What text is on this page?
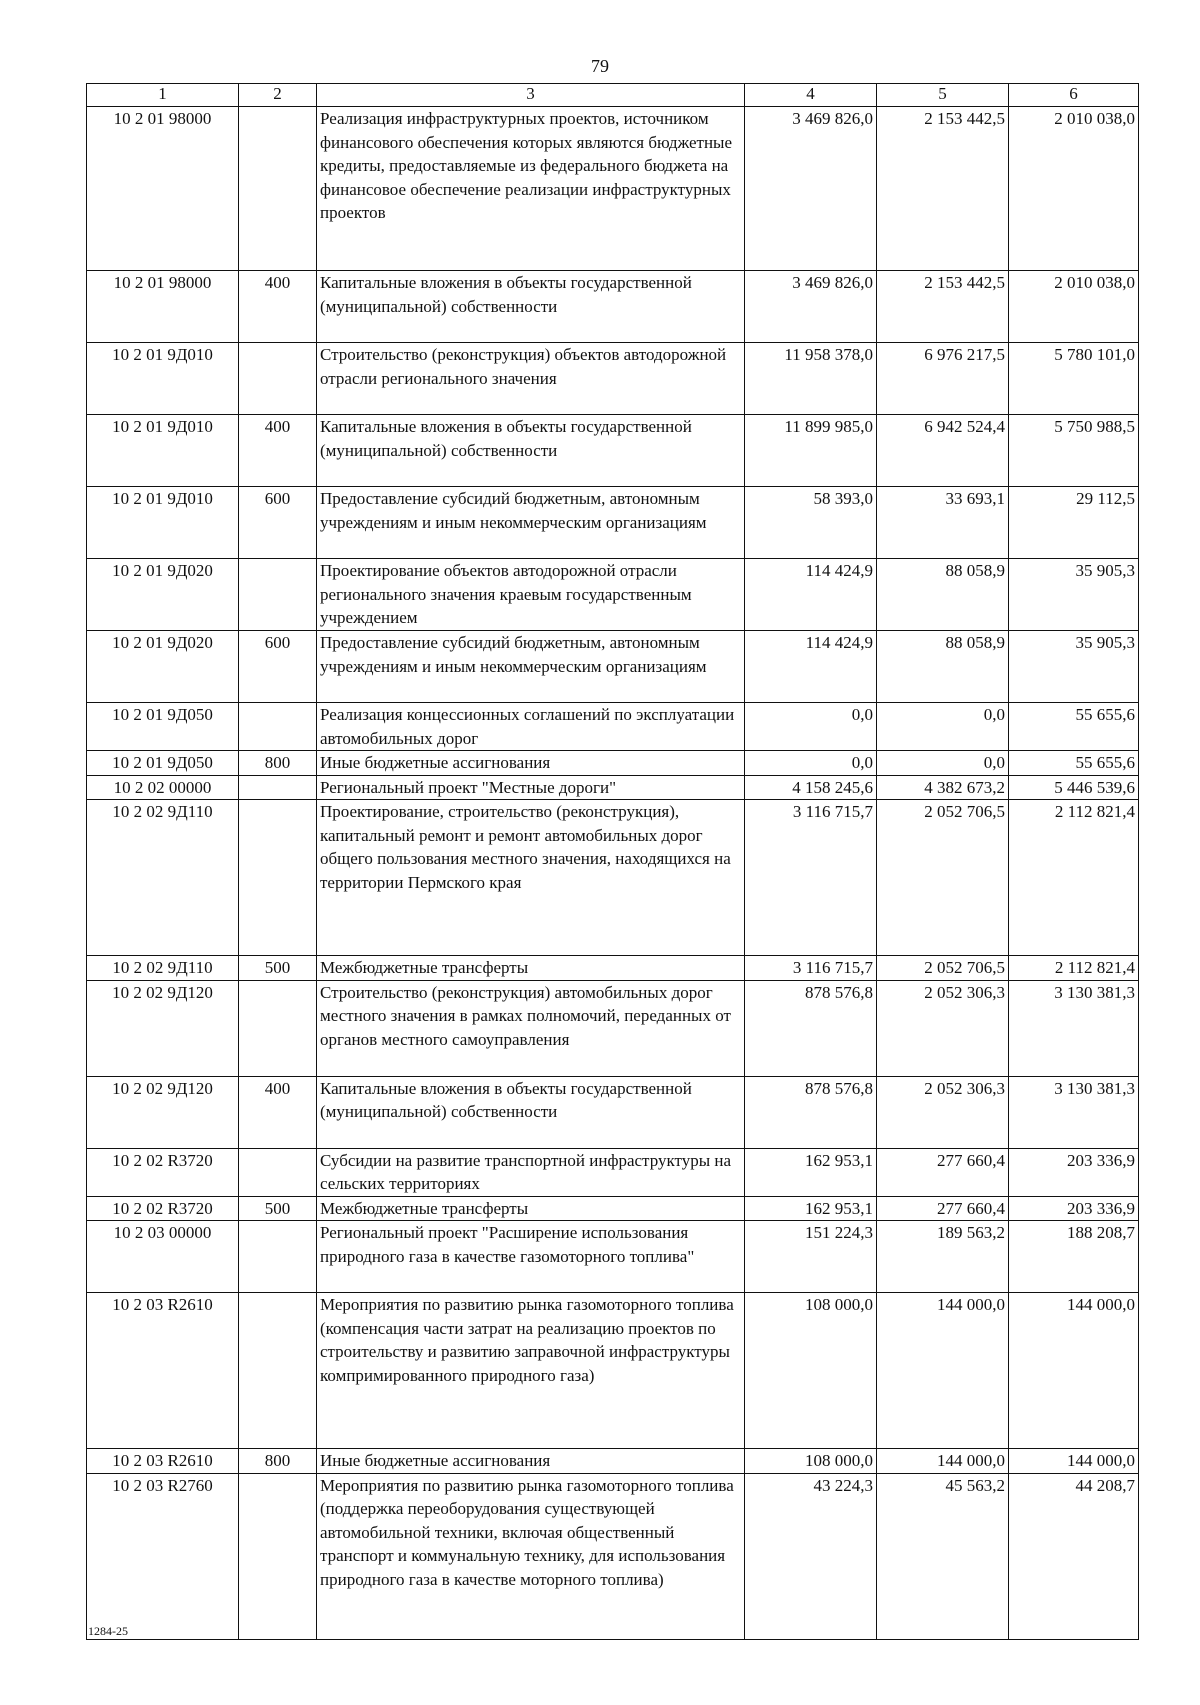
79
1	2	3	4	5	6
10 2 01 98000		Реализация инфраструктурных проектов, источником финансового обеспечения которых являются бюджетные кредиты, предоставляемые из федерального бюджета на финансовое обеспечение реализации инфраструктурных проектов	3 469 826,0	2 153 442,5	2 010 038,0
10 2 01 98000	400	Капитальные вложения в объекты государственной (муниципальной) собственности	3 469 826,0	2 153 442,5	2 010 038,0
10 2 01 9Д010		Строительство (реконструкция) объектов автодорожной отрасли регионального значения	11 958 378,0	6 976 217,5	5 780 101,0
10 2 01 9Д010	400	Капитальные вложения в объекты государственной (муниципальной) собственности	11 899 985,0	6 942 524,4	5 750 988,5
10 2 01 9Д010	600	Предоставление субсидий бюджетным, автономным учреждениям и иным некоммерческим организациям	58 393,0	33 693,1	29 112,5
10 2 01 9Д020		Проектирование объектов автодорожной отрасли регионального значения краевым государственным учреждением	114 424,9	88 058,9	35 905,3
10 2 01 9Д020	600	Предоставление субсидий бюджетным, автономным учреждениям и иным некоммерческим организациям	114 424,9	88 058,9	35 905,3
10 2 01 9Д050		Реализация концессионных соглашений по эксплуатации автомобильных дорог	0,0	0,0	55 655,6
10 2 01 9Д050	800	Иные бюджетные ассигнования	0,0	0,0	55 655,6
10 2 02 00000		Региональный проект "Местные дороги"	4 158 245,6	4 382 673,2	5 446 539,6
10 2 02 9Д110		Проектирование, строительство (реконструкция), капитальный ремонт и ремонт автомобильных дорог общего пользования местного значения, находящихся на территории Пермского края	3 116 715,7	2 052 706,5	2 112 821,4
10 2 02 9Д110	500	Межбюджетные трансферты	3 116 715,7	2 052 706,5	2 112 821,4
10 2 02 9Д120		Строительство (реконструкция) автомобильных дорог местного значения в рамках полномочий, переданных от органов местного самоуправления	878 576,8	2 052 306,3	3 130 381,3
10 2 02 9Д120	400	Капитальные вложения в объекты государственной (муниципальной) собственности	878 576,8	2 052 306,3	3 130 381,3
10 2 02 R3720		Субсидии на развитие транспортной инфраструктуры на сельских территориях	162 953,1	277 660,4	203 336,9
10 2 02 R3720	500	Межбюджетные трансферты	162 953,1	277 660,4	203 336,9
10 2 03 00000		Региональный проект "Расширение использования природного газа в качестве газомоторного топлива"	151 224,3	189 563,2	188 208,7
10 2 03 R2610		Мероприятия по развитию рынка газомоторного топлива (компенсация части затрат на реализацию проектов по строительству и развитию заправочной инфраструктуры компримированного природного газа)	108 000,0	144 000,0	144 000,0
10 2 03 R2610	800	Иные бюджетные ассигнования	108 000,0	144 000,0	144 000,0
10 2 03 R2760		Мероприятия по развитию рынка газомоторного топлива (поддержка переоборудования существующей автомобильной техники, включая общественный транспорт и коммунальную технику, для использования природного газа в качестве моторного топлива)	43 224,3	45 563,2	44 208,7
1284-25
